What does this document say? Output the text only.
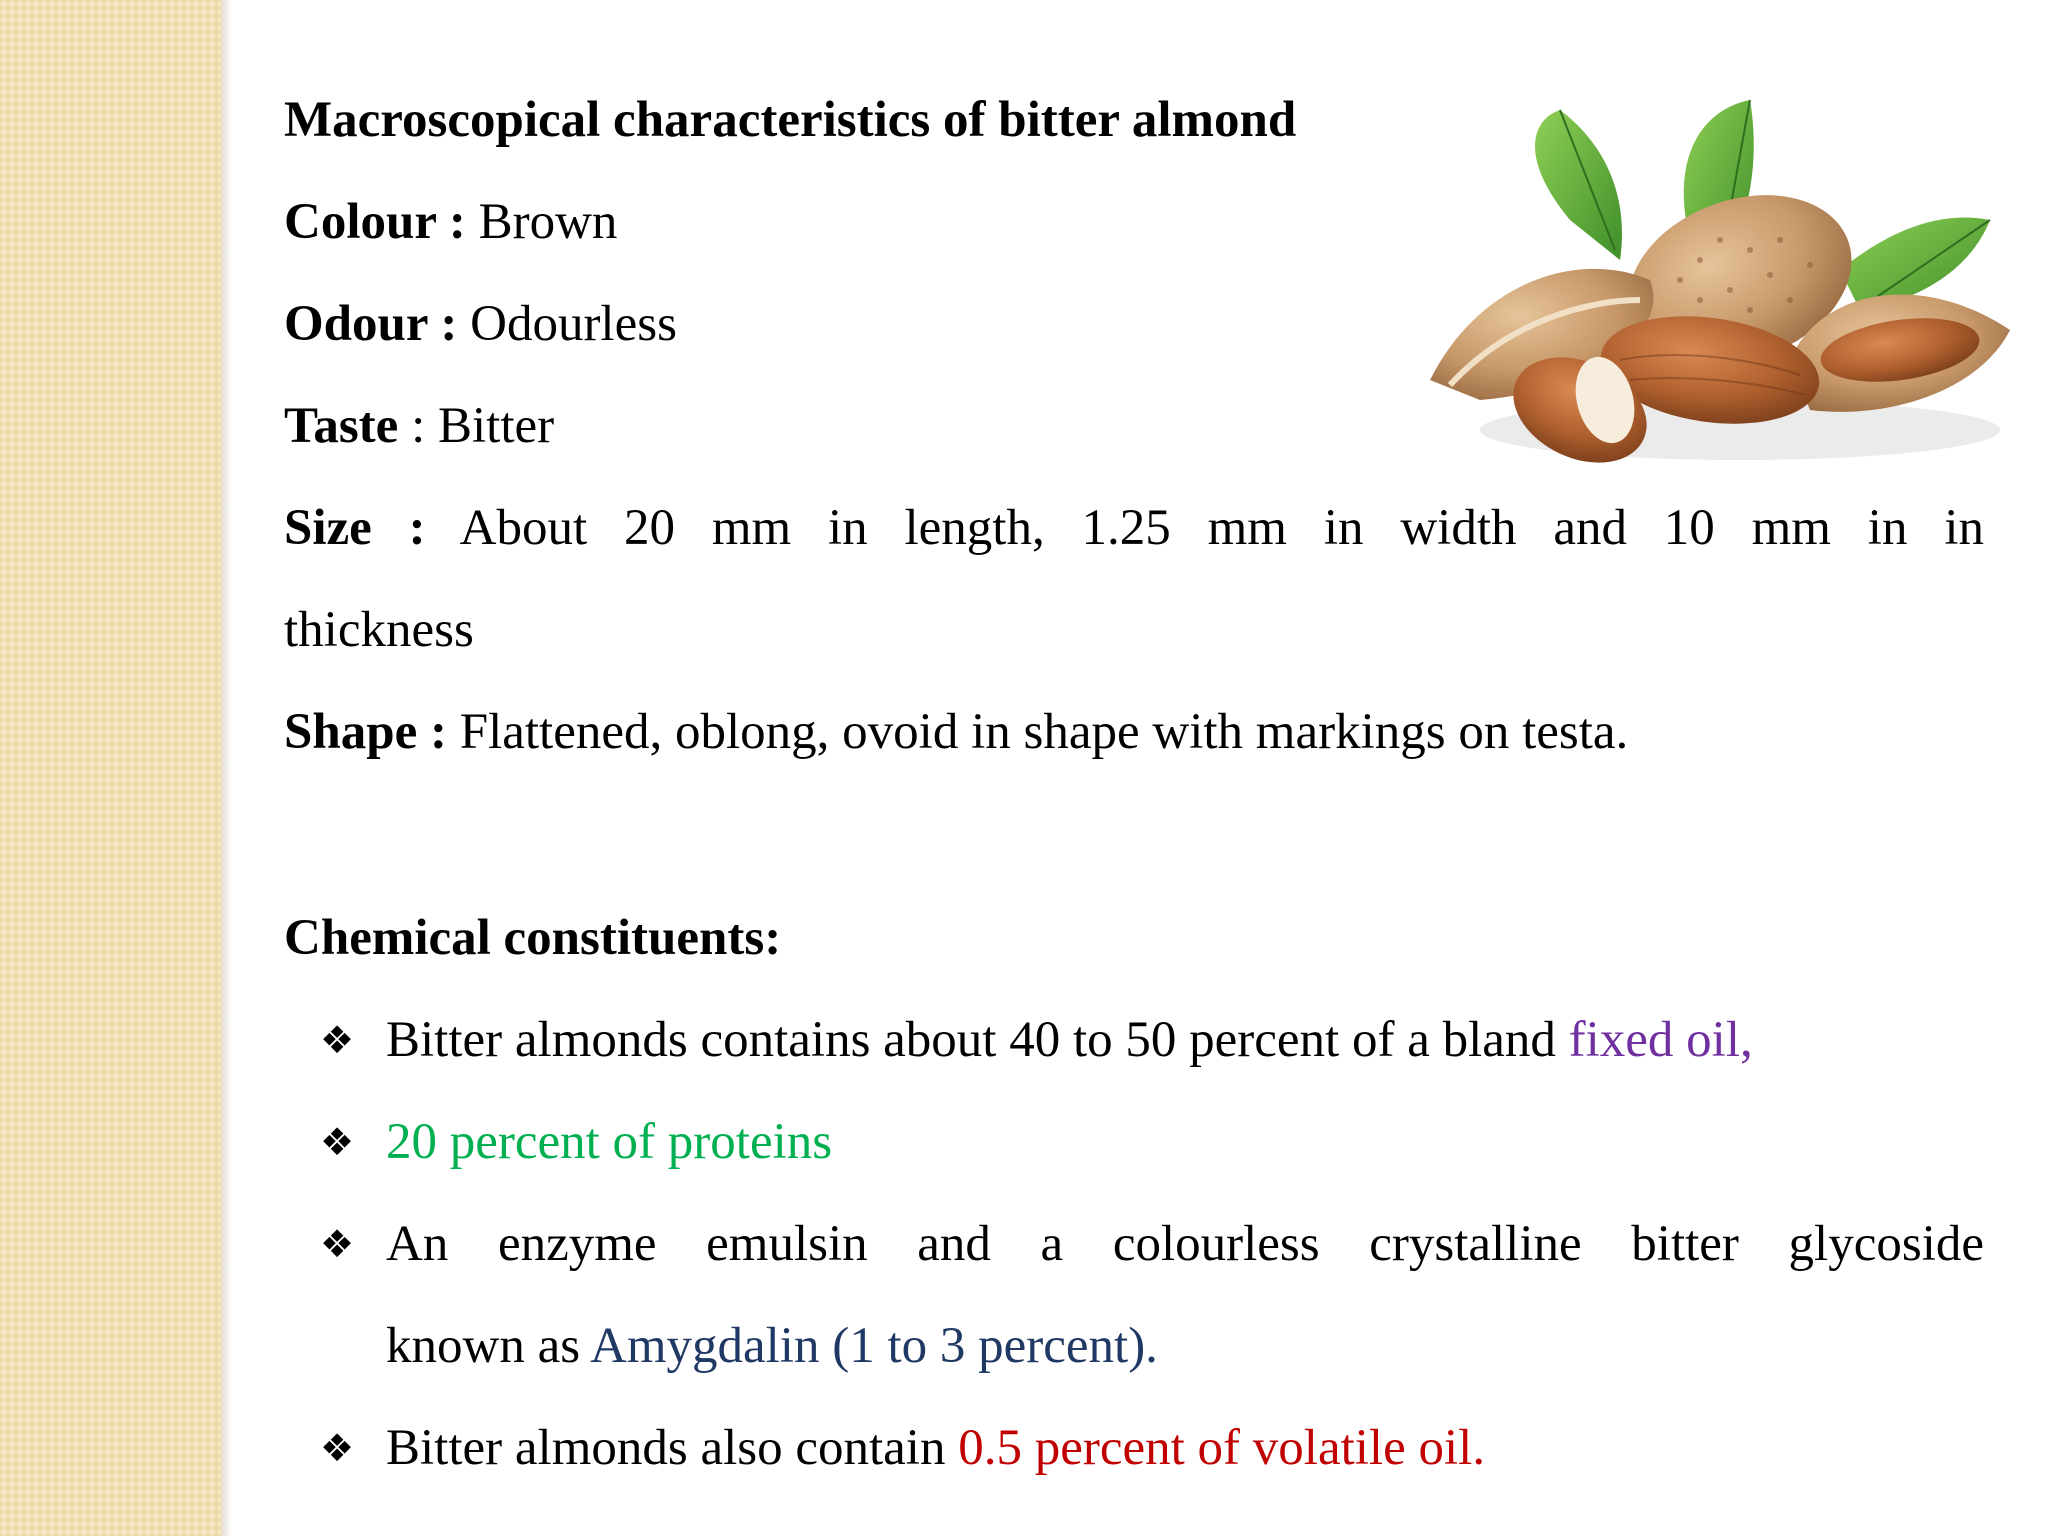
Macroscopical characteristics of bitter almond
Colour : Brown
Odour : Odourless
Taste : Bitter
Size : About 20 mm in length, 1.25 mm in width and 10 mm in in
thickness
Shape : Flattened, oblong, ovoid in shape with markings on testa.
Chemical constituents:
❖ Bitter almonds contains about 40 to 50 percent of a bland fixed oil,
❖ 20 percent of proteins
❖ An enzyme emulsin and a colourless crystalline bitter glycoside
known as Amygdalin (1 to 3 percent).
❖ Bitter almonds also contain 0.5 percent of volatile oil.
